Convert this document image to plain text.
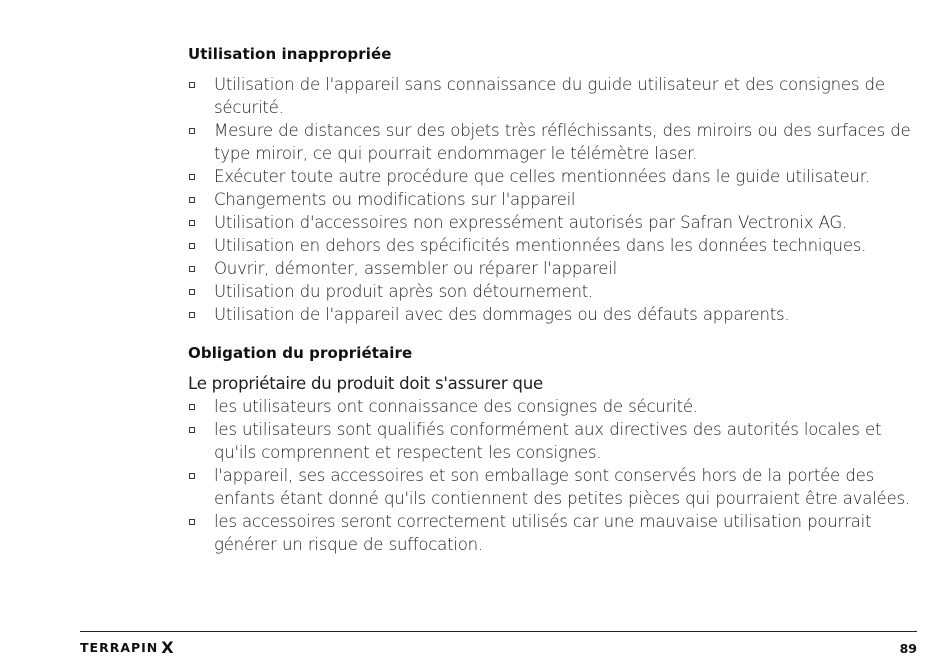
Utilisation inappropriée
Utilisation de l'appareil sans connaissance du guide utilisateur et des consignes de sécurité.
Mesure de distances sur des objets très réfléchissants, des miroirs ou des surfaces de type miroir, ce qui pourrait endommager le télémètre laser.
Exécuter toute autre procédure que celles mentionnées dans le guide utilisateur.
Changements ou modifications sur l'appareil
Utilisation d'accessoires non expressément autorisés par Safran Vectronix AG.
Utilisation en dehors des spécificités mentionnées dans les données techniques.
Ouvrir, démonter, assembler ou réparer l'appareil
Utilisation du produit après son détournement.
Utilisation de l'appareil avec des dommages ou des défauts apparents.
Obligation du propriétaire

Le propriétaire du produit doit s'assurer que

les utilisateurs ont connaissance des consignes de sécurité.
les utilisateurs sont qualifiés conformément aux directives des autorités locales et qu'ils comprennent et respectent les consignes.
l'appareil, ses accessoires et son emballage sont conservés hors de la portée des enfants étant donné qu'ils contiennent des petites pièces qui pourraient être avalées.
les accessoires seront correctement utilisés car une mauvaise utilisation pourrait générer un risque de suffocation.
TERRAPIN X	89
